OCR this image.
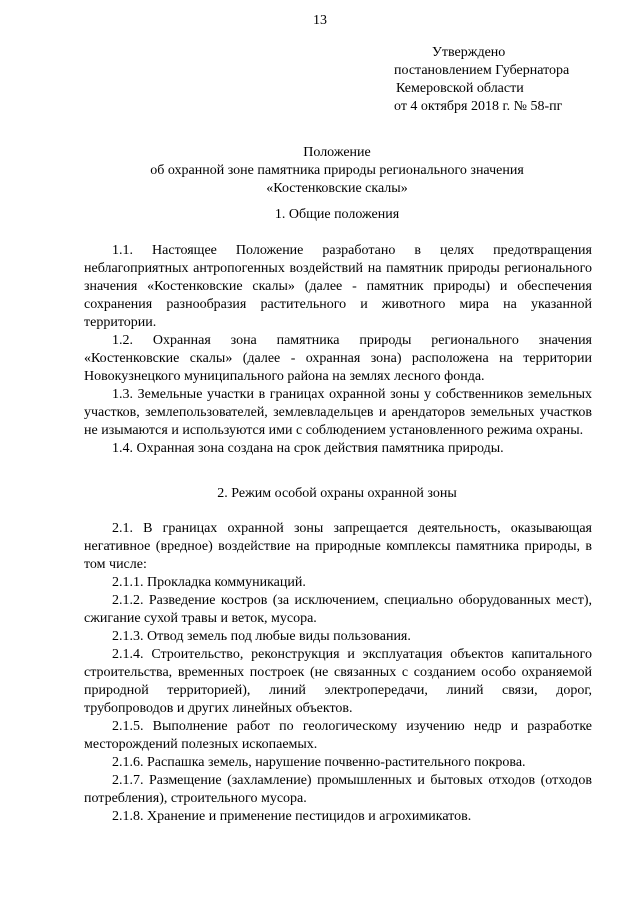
13
Утверждено
постановлением Губернатора
Кемеровской области
от 4 октября 2018 г. № 58-пг
Положение
об охранной зоне памятника природы регионального значения
«Костенковские скалы»
1. Общие положения

1.1. Настоящее Положение разработано в целях предотвращения неблагоприятных антропогенных воздействий на памятник природы регионального значения «Костенковские скалы» (далее - памятник природы) и обеспечения сохранения разнообразия растительного и животного мира на указанной территории.

1.2. Охранная зона памятника природы регионального значения «Костенковские скалы» (далее - охранная зона) расположена на территории Новокузнецкого муниципального района на землях лесного фонда.

1.3. Земельные участки в границах охранной зоны у собственников земельных участков, землепользователей, землевладельцев и арендаторов земельных участков не изымаются и используются ими с соблюдением установленного режима охраны.

1.4. Охранная зона создана на срок действия памятника природы.

2. Режим особой охраны охранной зоны

2.1. В границах охранной зоны запрещается деятельность, оказывающая негативное (вредное) воздействие на природные комплексы памятника природы, в том числе:

2.1.1. Прокладка коммуникаций.

2.1.2. Разведение костров (за исключением, специально оборудованных мест), сжигание сухой травы и веток, мусора.

2.1.3. Отвод земель под любые виды пользования.

2.1.4. Строительство, реконструкция и эксплуатация объектов капитального строительства, временных построек (не связанных с созданием особо охраняемой природной территорией), линий электропередачи, линий связи, дорог, трубопроводов и других линейных объектов.

2.1.5. Выполнение работ по геологическому изучению недр и разработке месторождений полезных ископаемых.

2.1.6. Распашка земель, нарушение почвенно-растительного покрова.

2.1.7. Размещение (захламление) промышленных и бытовых отходов (отходов потребления), строительного мусора.

2.1.8. Хранение и применение пестицидов и агрохимикатов.
